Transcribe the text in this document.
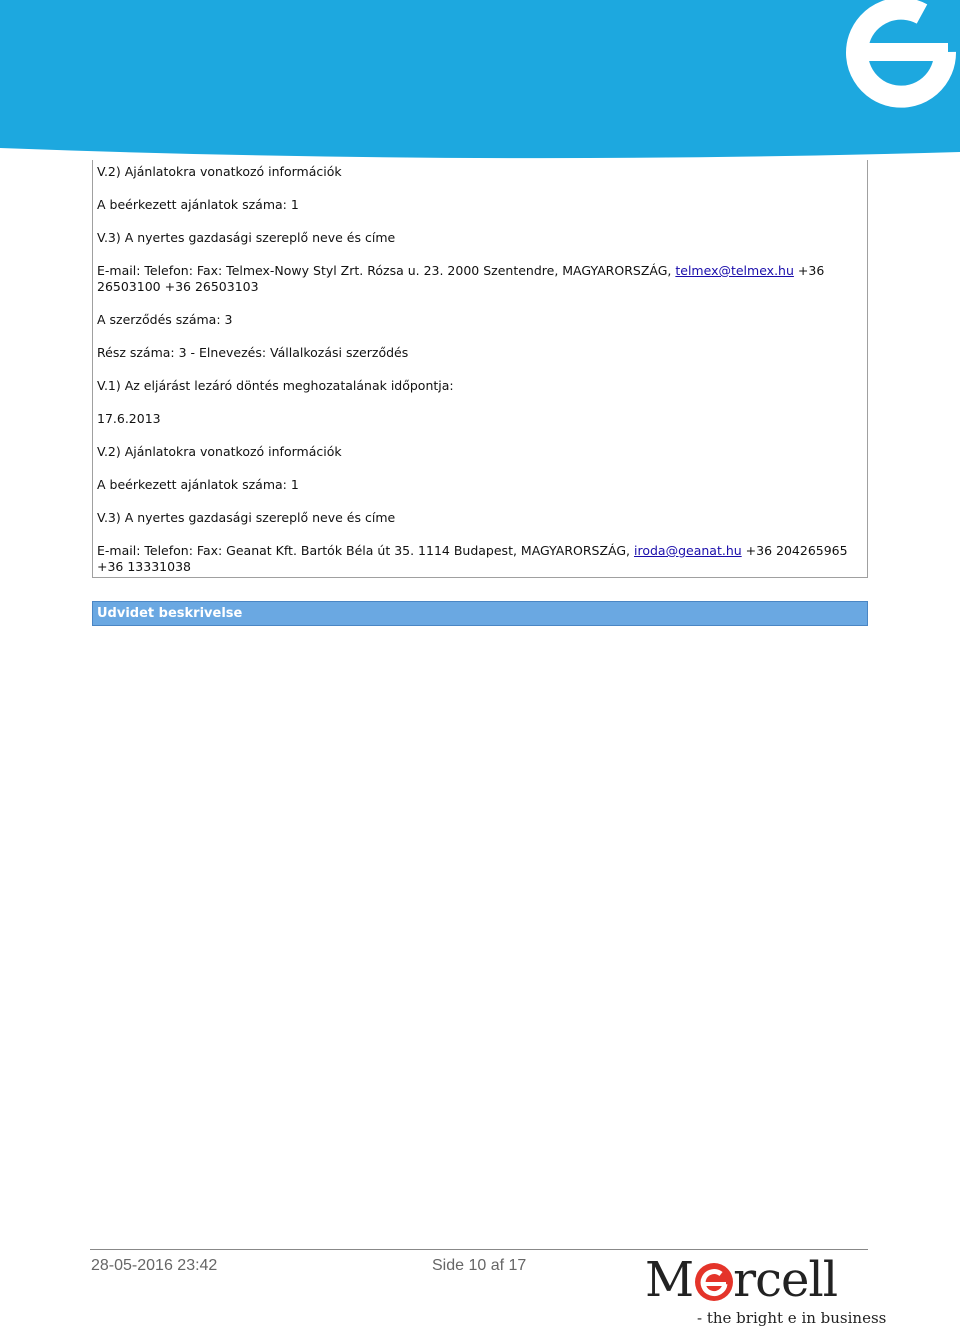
V.2) Ajánlatokra vonatkozó információk
A beérkezett ajánlatok száma: 1
V.3) A nyertes gazdasági szereplő neve és címe
E-mail: Telefon: Fax: Telmex-Nowy Styl Zrt. Rózsa u. 23. 2000 Szentendre, MAGYARORSZÁG, telmex@telmex.hu +36 26503100 +36 26503103
A szerződés száma: 3
Rész száma: 3 - Elnevezés: Vállalkozási szerződés
V.1) Az eljárást lezáró döntés meghozatalának időpontja:
17.6.2013
V.2) Ajánlatokra vonatkozó információk
A beérkezett ajánlatok száma: 1
V.3) A nyertes gazdasági szereplő neve és címe
E-mail: Telefon: Fax: Geanat Kft. Bartók Béla út 35. 1114 Budapest, MAGYARORSZÁG, iroda@geanat.hu +36 204265965 +36 13331038
Udvidet beskrivelse
28-05-2016 23:42	Side 10 af 17 M rcell
- the bright e in business
